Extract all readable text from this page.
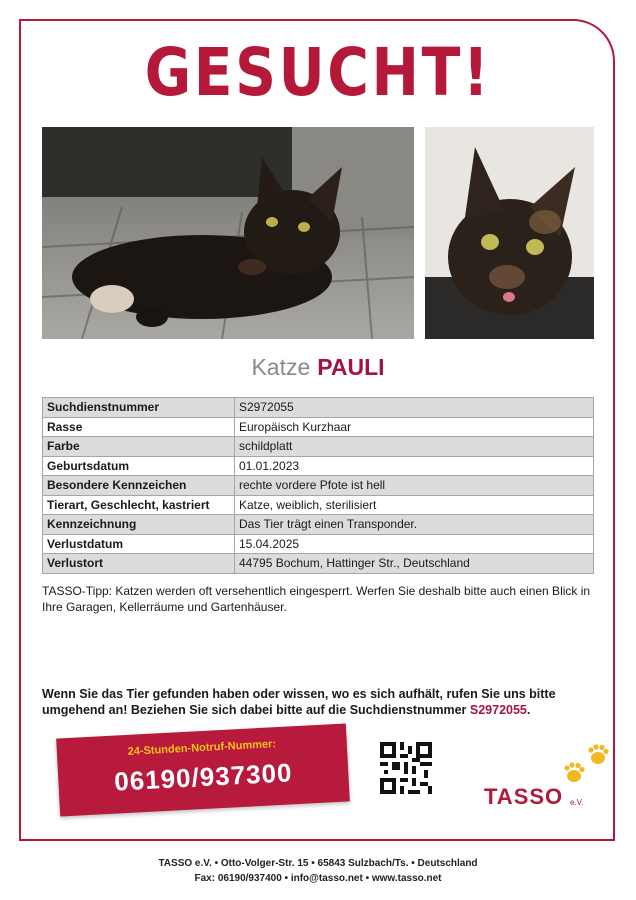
GESUCHT!
Katze PAULI
Suchdienstnummer	S2972055
Rasse	Europäisch Kurzhaar
Farbe	schildplatt
Geburtsdatum	01.01.2023
Besondere Kennzeichen	rechte vordere Pfote ist hell
Tierart, Geschlecht, kastriert	Katze, weiblich, sterilisiert
Kennzeichnung	Das Tier trägt einen Transponder.
Verlustdatum	15.04.2025
Verlustort	44795 Bochum, Hattinger Str., Deutschland
TASSO-Tipp: Katzen werden oft versehentlich eingesperrt. Werfen Sie deshalb bitte auch einen Blick in Ihre Garagen, Kellerräume und Gartenhäuser.
Wenn Sie das Tier gefunden haben oder wissen, wo es sich aufhält, rufen Sie uns bitte umgehend an! Beziehen Sie sich dabei bitte auf die Suchdienstnummer S2972055.
24-Stunden-Notruf-Nummer:
06190/937300	TASSO e.V.
TASSO e.V. • Otto-Volger-Str. 15 • 65843 Sulzbach/Ts. • Deutschland
Fax: 06190/937400 • info@tasso.net • www.tasso.net
